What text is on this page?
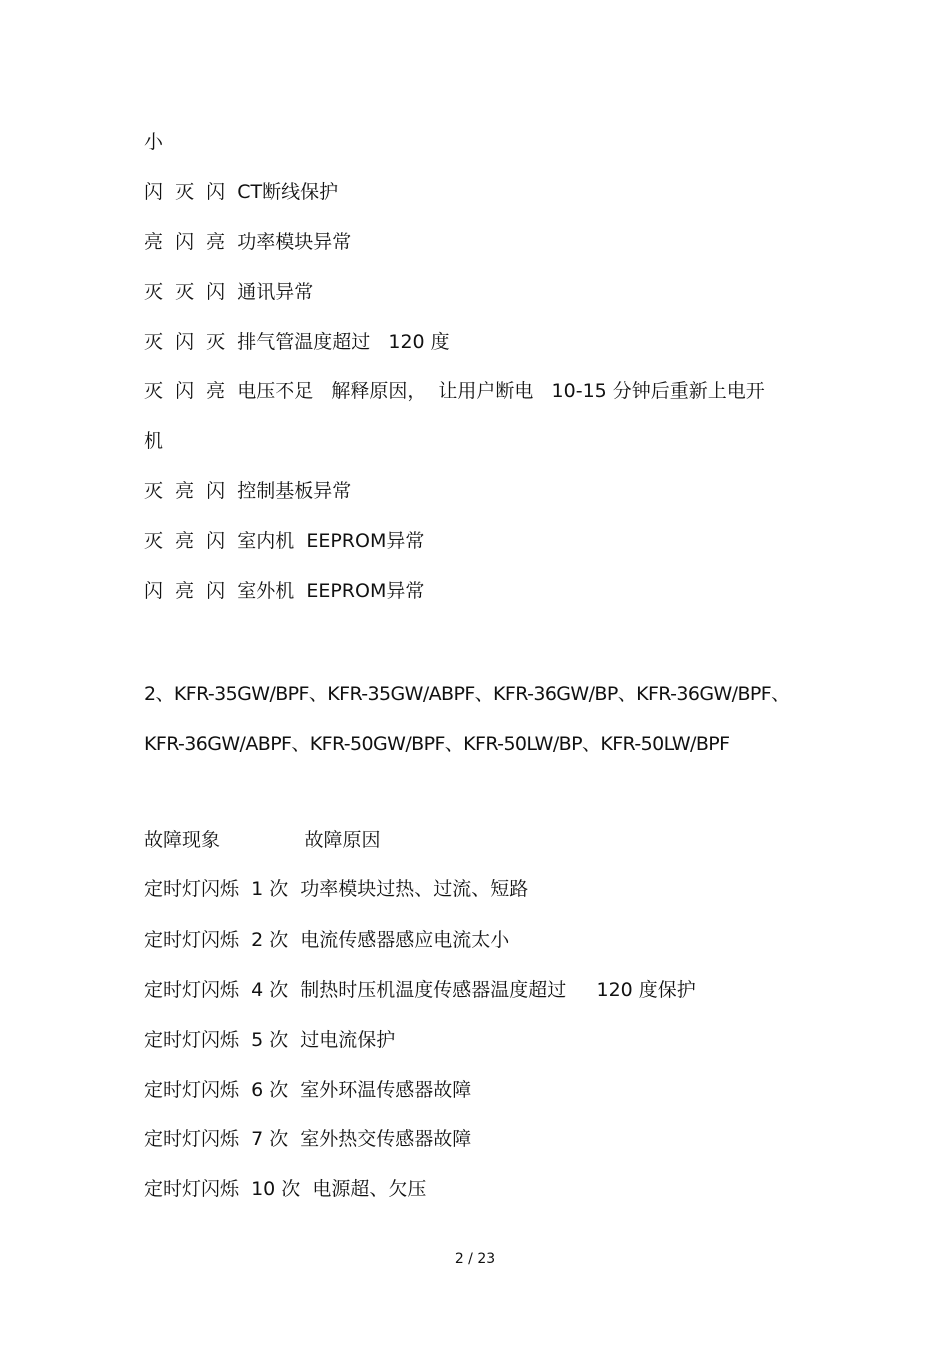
小
闪  灭  闪  CT断线保护
亮  闪  亮  功率模块异常
灭  灭  闪  通讯异常
灭  闪  灭  排气管温度超过   120 度
灭  闪  亮  电压不足   解释原因，  让用户断电   10-15 分钟后重新上电开
机
灭  亮  闪  控制基板异常
灭  亮  闪  室内机  EEPROM异常
闪  亮  闪  室外机  EEPROM异常
2、KFR-35GW/BPF、KFR-35GW/ABPF、KFR-36GW/BP、KFR-36GW/BPF、
KFR-36GW/ABPF、KFR-50GW/BPF、KFR-50LW/BP、KFR-50LW/BPF
故障现象              故障原因
定时灯闪烁  1 次  功率模块过热、过流、短路
定时灯闪烁  2 次  电流传感器感应电流太小
定时灯闪烁  4 次  制热时压机温度传感器温度超过     120 度保护
定时灯闪烁  5 次  过电流保护
定时灯闪烁  6 次  室外环温传感器故障
定时灯闪烁  7 次  室外热交传感器故障
定时灯闪烁  10 次  电源超、欠压
2 / 23
